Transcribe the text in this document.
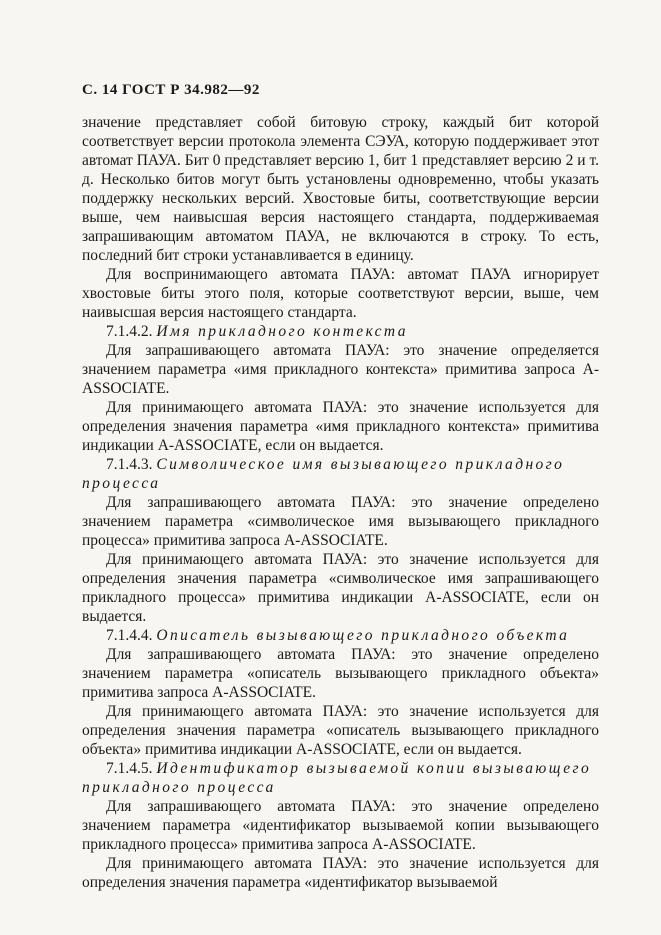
С. 14 ГОСТ Р 34.982—92

значение представляет собой битовую строку, каждый бит которой соответствует версии протокола элемента СЭУА, которую поддерживает этот автомат ПАУА. Бит 0 представляет версию 1, бит 1 представляет версию 2 и т. д. Несколько битов могут быть установлены одновременно, чтобы указать поддержку нескольких версий. Хвостовые биты, соответствующие версии выше, чем наивысшая версия настоящего стандарта, поддерживаемая запрашивающим автоматом ПАУА, не включаются в строку. То есть, последний бит строки устанавливается в единицу.

Для воспринимающего автомата ПАУА: автомат ПАУА игнорирует хвостовые биты этого поля, которые соответствуют версии, выше, чем наивысшая версия настоящего стандарта.

7.1.4.2. Имя прикладного контекста

Для запрашивающего автомата ПАУА: это значение определяется значением параметра «имя прикладного контекста» примитива запроса A-ASSOCIATE.

Для принимающего автомата ПАУА: это значение используется для определения значения параметра «имя прикладного контекста» примитива индикации A-ASSOCIATE, если он выдается.

7.1.4.3. Символическое имя вызывающего прикладного процесса

Для запрашивающего автомата ПАУА: это значение определено значением параметра «символическое имя вызывающего прикладного процесса» примитива запроса A-ASSOCIATE.

Для принимающего автомата ПАУА: это значение используется для определения значения параметра «символическое имя запрашивающего прикладного процесса» примитива индикации A-ASSOCIATE, если он выдается.

7.1.4.4. Описатель вызывающего прикладного объекта

Для запрашивающего автомата ПАУА: это значение определено значением параметра «описатель вызывающего прикладного объекта» примитива запроса A-ASSOCIATE.

Для принимающего автомата ПАУА: это значение используется для определения значения параметра «описатель вызывающего прикладного объекта» примитива индикации A-ASSOCIATE, если он выдается.

7.1.4.5. Идентификатор вызываемой копии вызывающего прикладного процесса

Для запрашивающего автомата ПАУА: это значение определено значением параметра «идентификатор вызываемой копии вызывающего прикладного процесса» примитива запроса A-ASSOCIATE.

Для принимающего автомата ПАУА: это значение используется для определения значения параметра «идентификатор вызываемой
